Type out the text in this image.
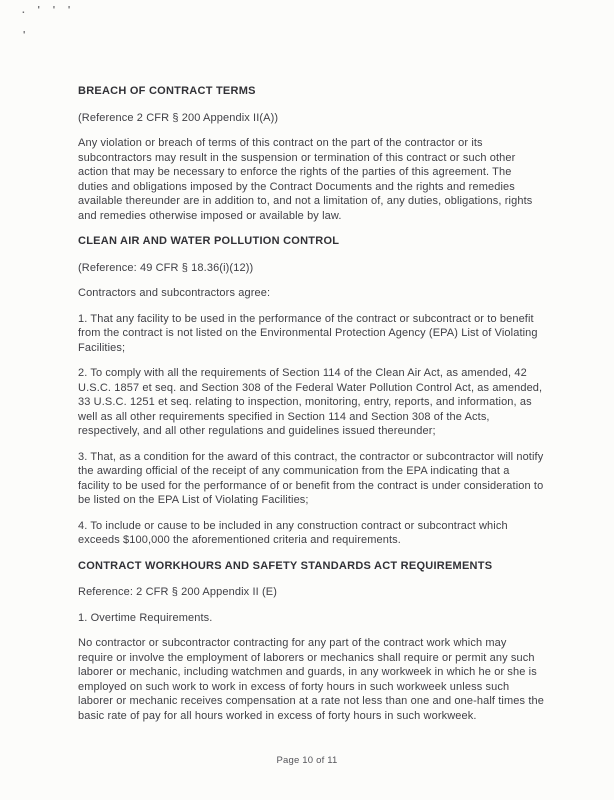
. ' ' '
'
BREACH OF CONTRACT TERMS

(Reference 2 CFR § 200 Appendix II(A))

Any violation or breach of terms of this contract on the part of the contractor or its subcontractors may result in the suspension or termination of this contract or such other action that may be necessary to enforce the rights of the parties of this agreement. The duties and obligations imposed by the Contract Documents and the rights and remedies available thereunder are in addition to, and not a limitation of, any duties, obligations, rights and remedies otherwise imposed or available by law.

CLEAN AIR AND WATER POLLUTION CONTROL

(Reference: 49 CFR § 18.36(i)(12))

Contractors and subcontractors agree:

1. That any facility to be used in the performance of the contract or subcontract or to benefit from the contract is not listed on the Environmental Protection Agency (EPA) List of Violating Facilities;

2. To comply with all the requirements of Section 114 of the Clean Air Act, as amended, 42 U.S.C. 1857 et seq. and Section 308 of the Federal Water Pollution Control Act, as amended, 33 U.S.C. 1251 et seq. relating to inspection, monitoring, entry, reports, and information, as well as all other requirements specified in Section 114 and Section 308 of the Acts, respectively, and all other regulations and guidelines issued thereunder;

3. That, as a condition for the award of this contract, the contractor or subcontractor will notify the awarding official of the receipt of any communication from the EPA indicating that a facility to be used for the performance of or benefit from the contract is under consideration to be listed on the EPA List of Violating Facilities;

4. To include or cause to be included in any construction contract or subcontract which exceeds $100,000 the aforementioned criteria and requirements.

CONTRACT WORKHOURS AND SAFETY STANDARDS ACT REQUIREMENTS

Reference: 2 CFR § 200 Appendix II (E)

1. Overtime Requirements.

No contractor or subcontractor contracting for any part of the contract work which may require or involve the employment of laborers or mechanics shall require or permit any such laborer or mechanic, including watchmen and guards, in any workweek in which he or she is employed on such work to work in excess of forty hours in such workweek unless such laborer or mechanic receives compensation at a rate not less than one and one-half times the basic rate of pay for all hours worked in excess of forty hours in such workweek.

Page 10 of 11
